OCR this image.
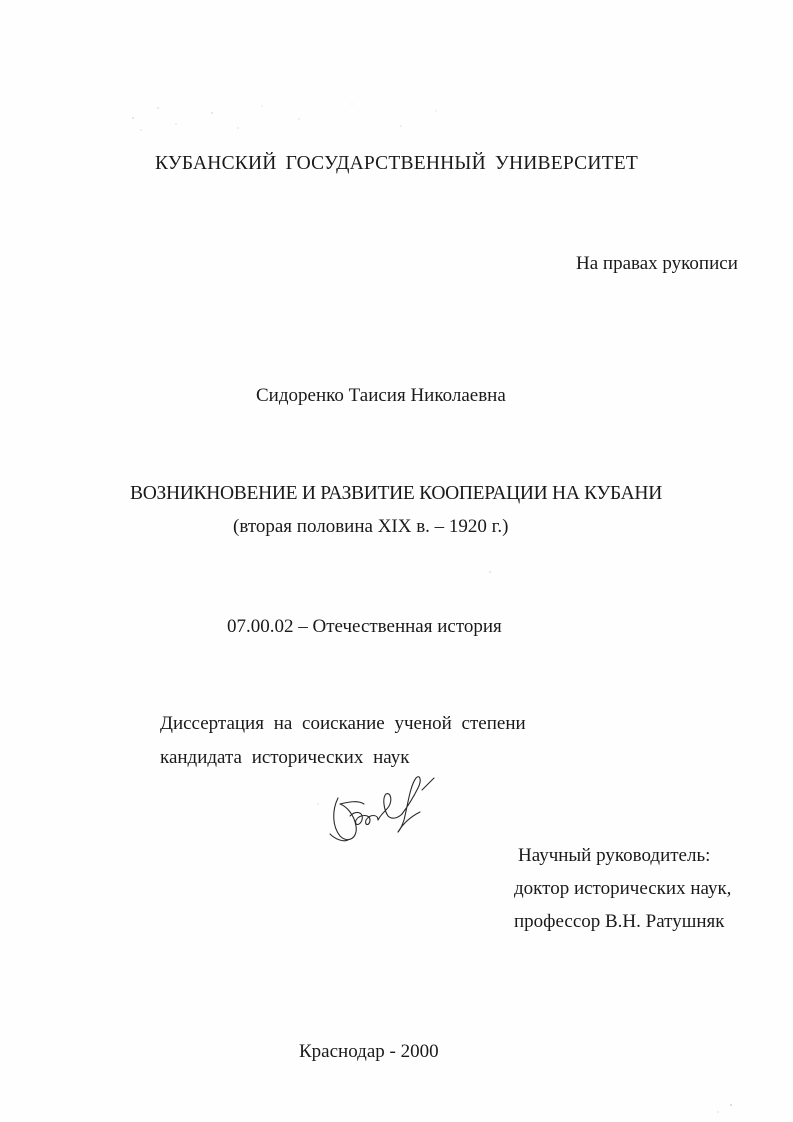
КУБАНСКИЙ ГОСУДАРСТВЕННЫЙ УНИВЕРСИТЕТ
На правах рукописи
Сидоренко Таисия Николаевна
ВОЗНИКНОВЕНИЕ И РАЗВИТИЕ КООПЕРАЦИИ НА КУБАНИ
(вторая половина XIX в. – 1920 г.)
07.00.02 – Отечественная история
Диссертация на соискание ученой степени
кандидата исторических наук
Научный руководитель:
доктор исторических наук,
профессор В.Н. Ратушняк
Краснодар - 2000
